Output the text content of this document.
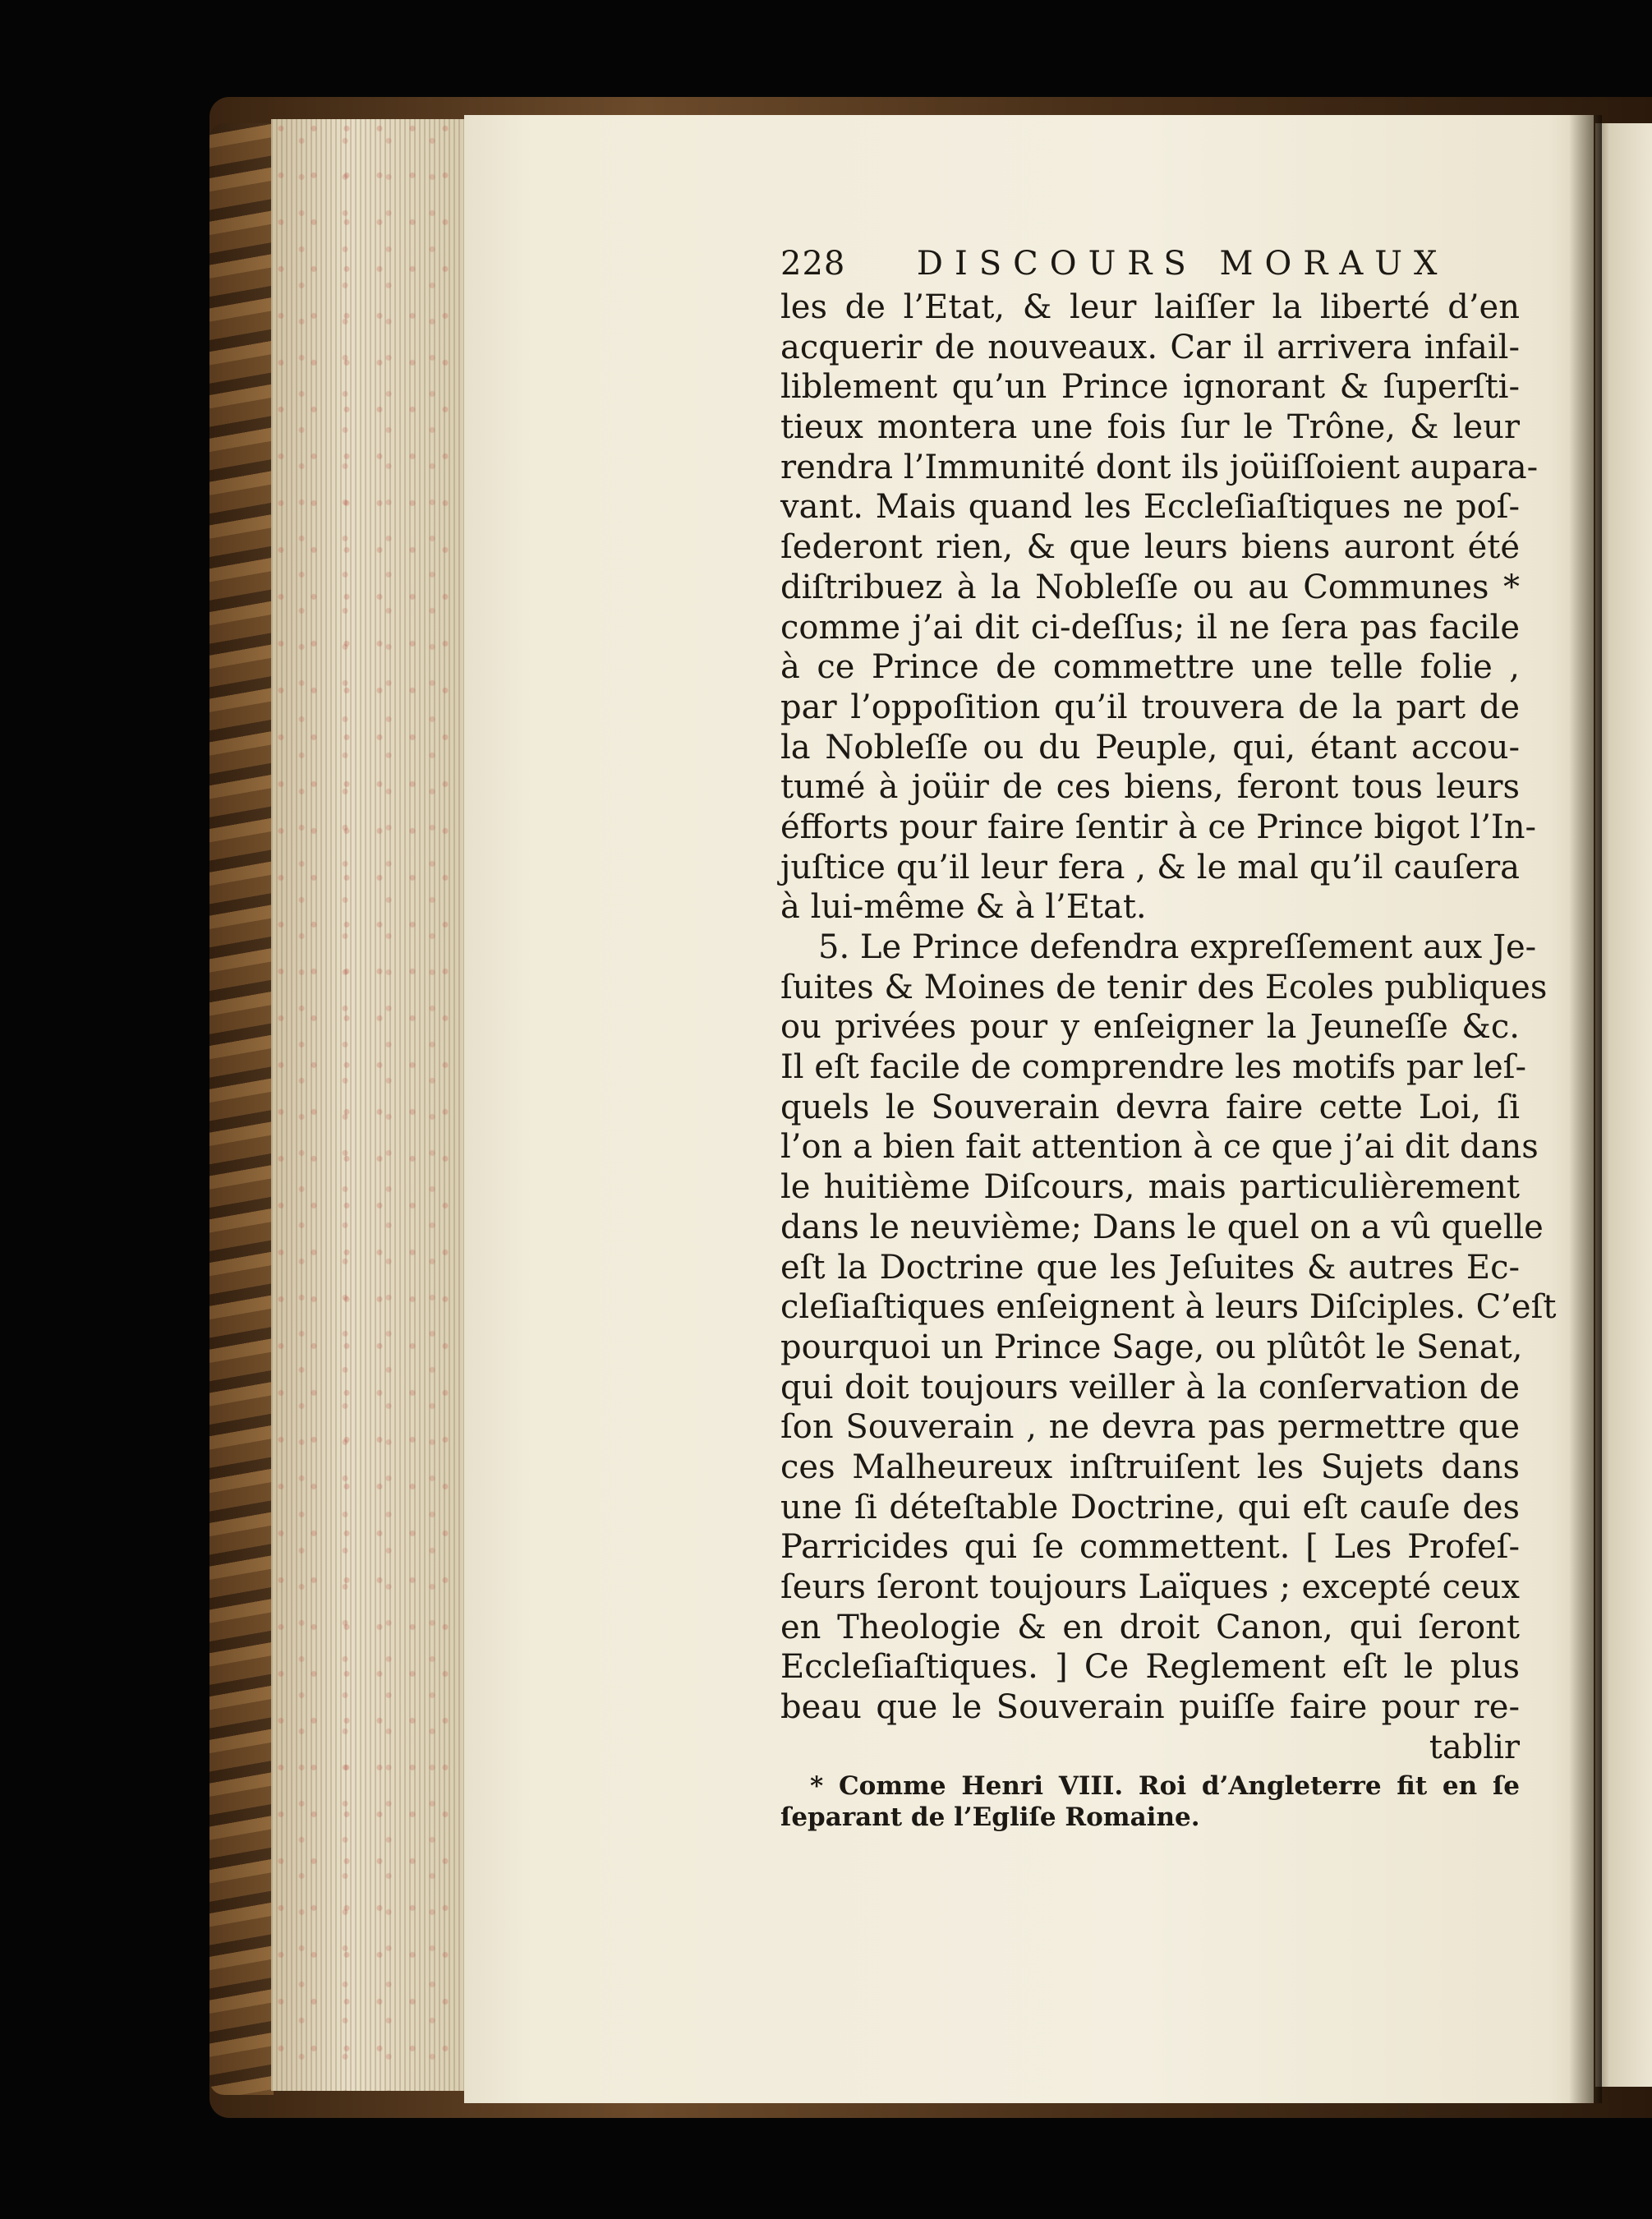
228	DISCOURS MORAUX
les de l’Etat, & leur laiſſer la liberté d’en
acquerir de nouveaux. Car il arrivera infail-
liblement qu’un Prince ignorant & ſuperſti-
tieux montera une fois ſur le Trône, & leur
rendra l’Immunité dont ils joüiſſoient aupara-
vant. Mais quand les Eccleſiaſtiques ne poſ-
ſederont rien, & que leurs biens auront été
diſtribuez à la Nobleſſe ou au Communes *
comme j’ai dit ci-deſſus; il ne ſera pas facile
à ce Prince de commettre une telle folie ,
par l’oppoſition qu’il trouvera de la part de
la Nobleſſe ou du Peuple, qui, étant accou-
tumé à joüir de ces biens, feront tous leurs
éfforts pour faire ſentir à ce Prince bigot l’In-
juſtice qu’il leur fera , & le mal qu’il cauſera
à lui-même & à l’Etat.
5. Le Prince defendra expreſſement aux Je-
ſuites & Moines de tenir des Ecoles publiques
ou privées pour y enſeigner la Jeuneſſe &c.
Il eſt facile de comprendre les motifs par leſ-
quels le Souverain devra faire cette Loi, ſi
l’on a bien fait attention à ce que j’ai dit dans
le huitième Diſcours, mais particulièrement
dans le neuvième; Dans le quel on a vû quelle
eſt la Doctrine que les Jeſuites & autres Ec-
cleſiaſtiques enſeignent à leurs Diſciples. C’eſt
pourquoi un Prince Sage, ou plûtôt le Senat,
qui doit toujours veiller à la conſervation de
ſon Souverain , ne devra pas permettre que
ces Malheureux inſtruiſent les Sujets dans
une ſi déteſtable Doctrine, qui eſt cauſe des
Parricides qui ſe commettent. [ Les Profeſ-
ſeurs ſeront toujours Laïques ; excepté ceux
en Theologie & en droit Canon, qui ſeront
Eccleſiaſtiques. ] Ce Reglement eſt le plus
beau que le Souverain puiſſe faire pour re-
tablir
* Comme Henri VIII. Roi d’Angleterre fit en ſe
ſeparant de l’Egliſe Romaine.
